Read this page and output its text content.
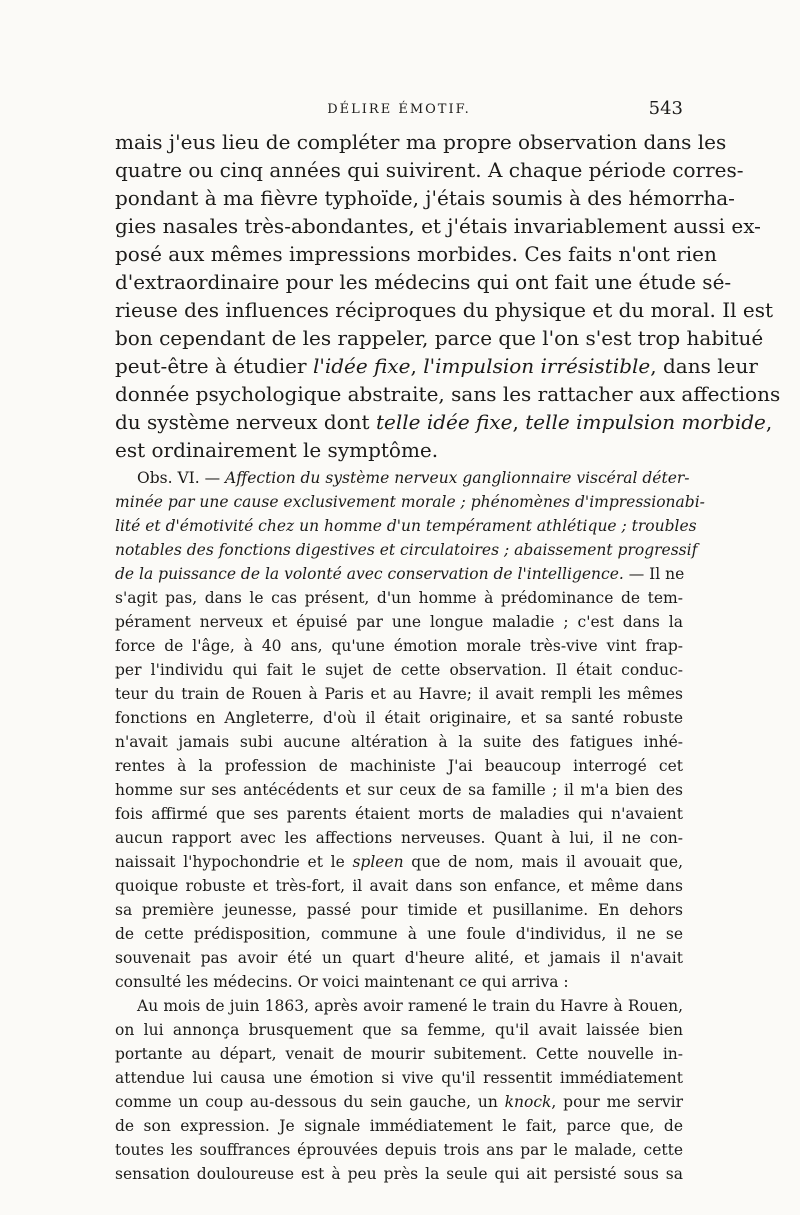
DÉLIRE ÉMOTIF.	543
mais j'eus lieu de compléter ma propre observation dans les
quatre ou cinq années qui suivirent. A chaque période corres-
pondant à ma fièvre typhoïde, j'étais soumis à des hémorrha-
gies nasales très-abondantes, et j'étais invariablement aussi ex-
posé aux mêmes impressions morbides. Ces faits n'ont rien
d'extraordinaire pour les médecins qui ont fait une étude sé-
rieuse des influences réciproques du physique et du moral. Il est
bon cependant de les rappeler, parce que l'on s'est trop habitué
peut-être à étudier l'idée fixe, l'impulsion irrésistible, dans leur
donnée psychologique abstraite, sans les rattacher aux affections
du système nerveux dont telle idée fixe, telle impulsion morbide,
est ordinairement le symptôme.
Obs. VI. — Affection du système nerveux ganglionnaire viscéral déter-
minée par une cause exclusivement morale ; phénomènes d'impressionabi-
lité et d'émotivité chez un homme d'un tempérament athlétique ; troubles
notables des fonctions digestives et circulatoires ; abaissement progressif
de la puissance de la volonté avec conservation de l'intelligence. — Il ne
s'agit pas, dans le cas présent, d'un homme à prédominance de tem-
pérament nerveux et épuisé par une longue maladie ; c'est dans la
force de l'âge, à 40 ans, qu'une émotion morale très-vive vint frap-
per l'individu qui fait le sujet de cette observation. Il était conduc-
teur du train de Rouen à Paris et au Havre; il avait rempli les mêmes
fonctions en Angleterre, d'où il était originaire, et sa santé robuste
n'avait jamais subi aucune altération à la suite des fatigues inhé-
rentes à la profession de machiniste J'ai beaucoup interrogé cet
homme sur ses antécédents et sur ceux de sa famille ; il m'a bien des
fois affirmé que ses parents étaient morts de maladies qui n'avaient
aucun rapport avec les affections nerveuses. Quant à lui, il ne con-
naissait l'hypochondrie et le spleen que de nom, mais il avouait que,
quoique robuste et très-fort, il avait dans son enfance, et même dans
sa première jeunesse, passé pour timide et pusillanime. En dehors
de cette prédisposition, commune à une foule d'individus, il ne se
souvenait pas avoir été un quart d'heure alité, et jamais il n'avait
consulté les médecins. Or voici maintenant ce qui arriva :
Au mois de juin 1863, après avoir ramené le train du Havre à Rouen,
on lui annonça brusquement que sa femme, qu'il avait laissée bien
portante au départ, venait de mourir subitement. Cette nouvelle in-
attendue lui causa une émotion si vive qu'il ressentit immédiatement
comme un coup au-dessous du sein gauche, un knock, pour me servir
de son expression. Je signale immédiatement le fait, parce que, de
toutes les souffrances éprouvées depuis trois ans par le malade, cette
sensation douloureuse est à peu près la seule qui ait persisté sous sa
